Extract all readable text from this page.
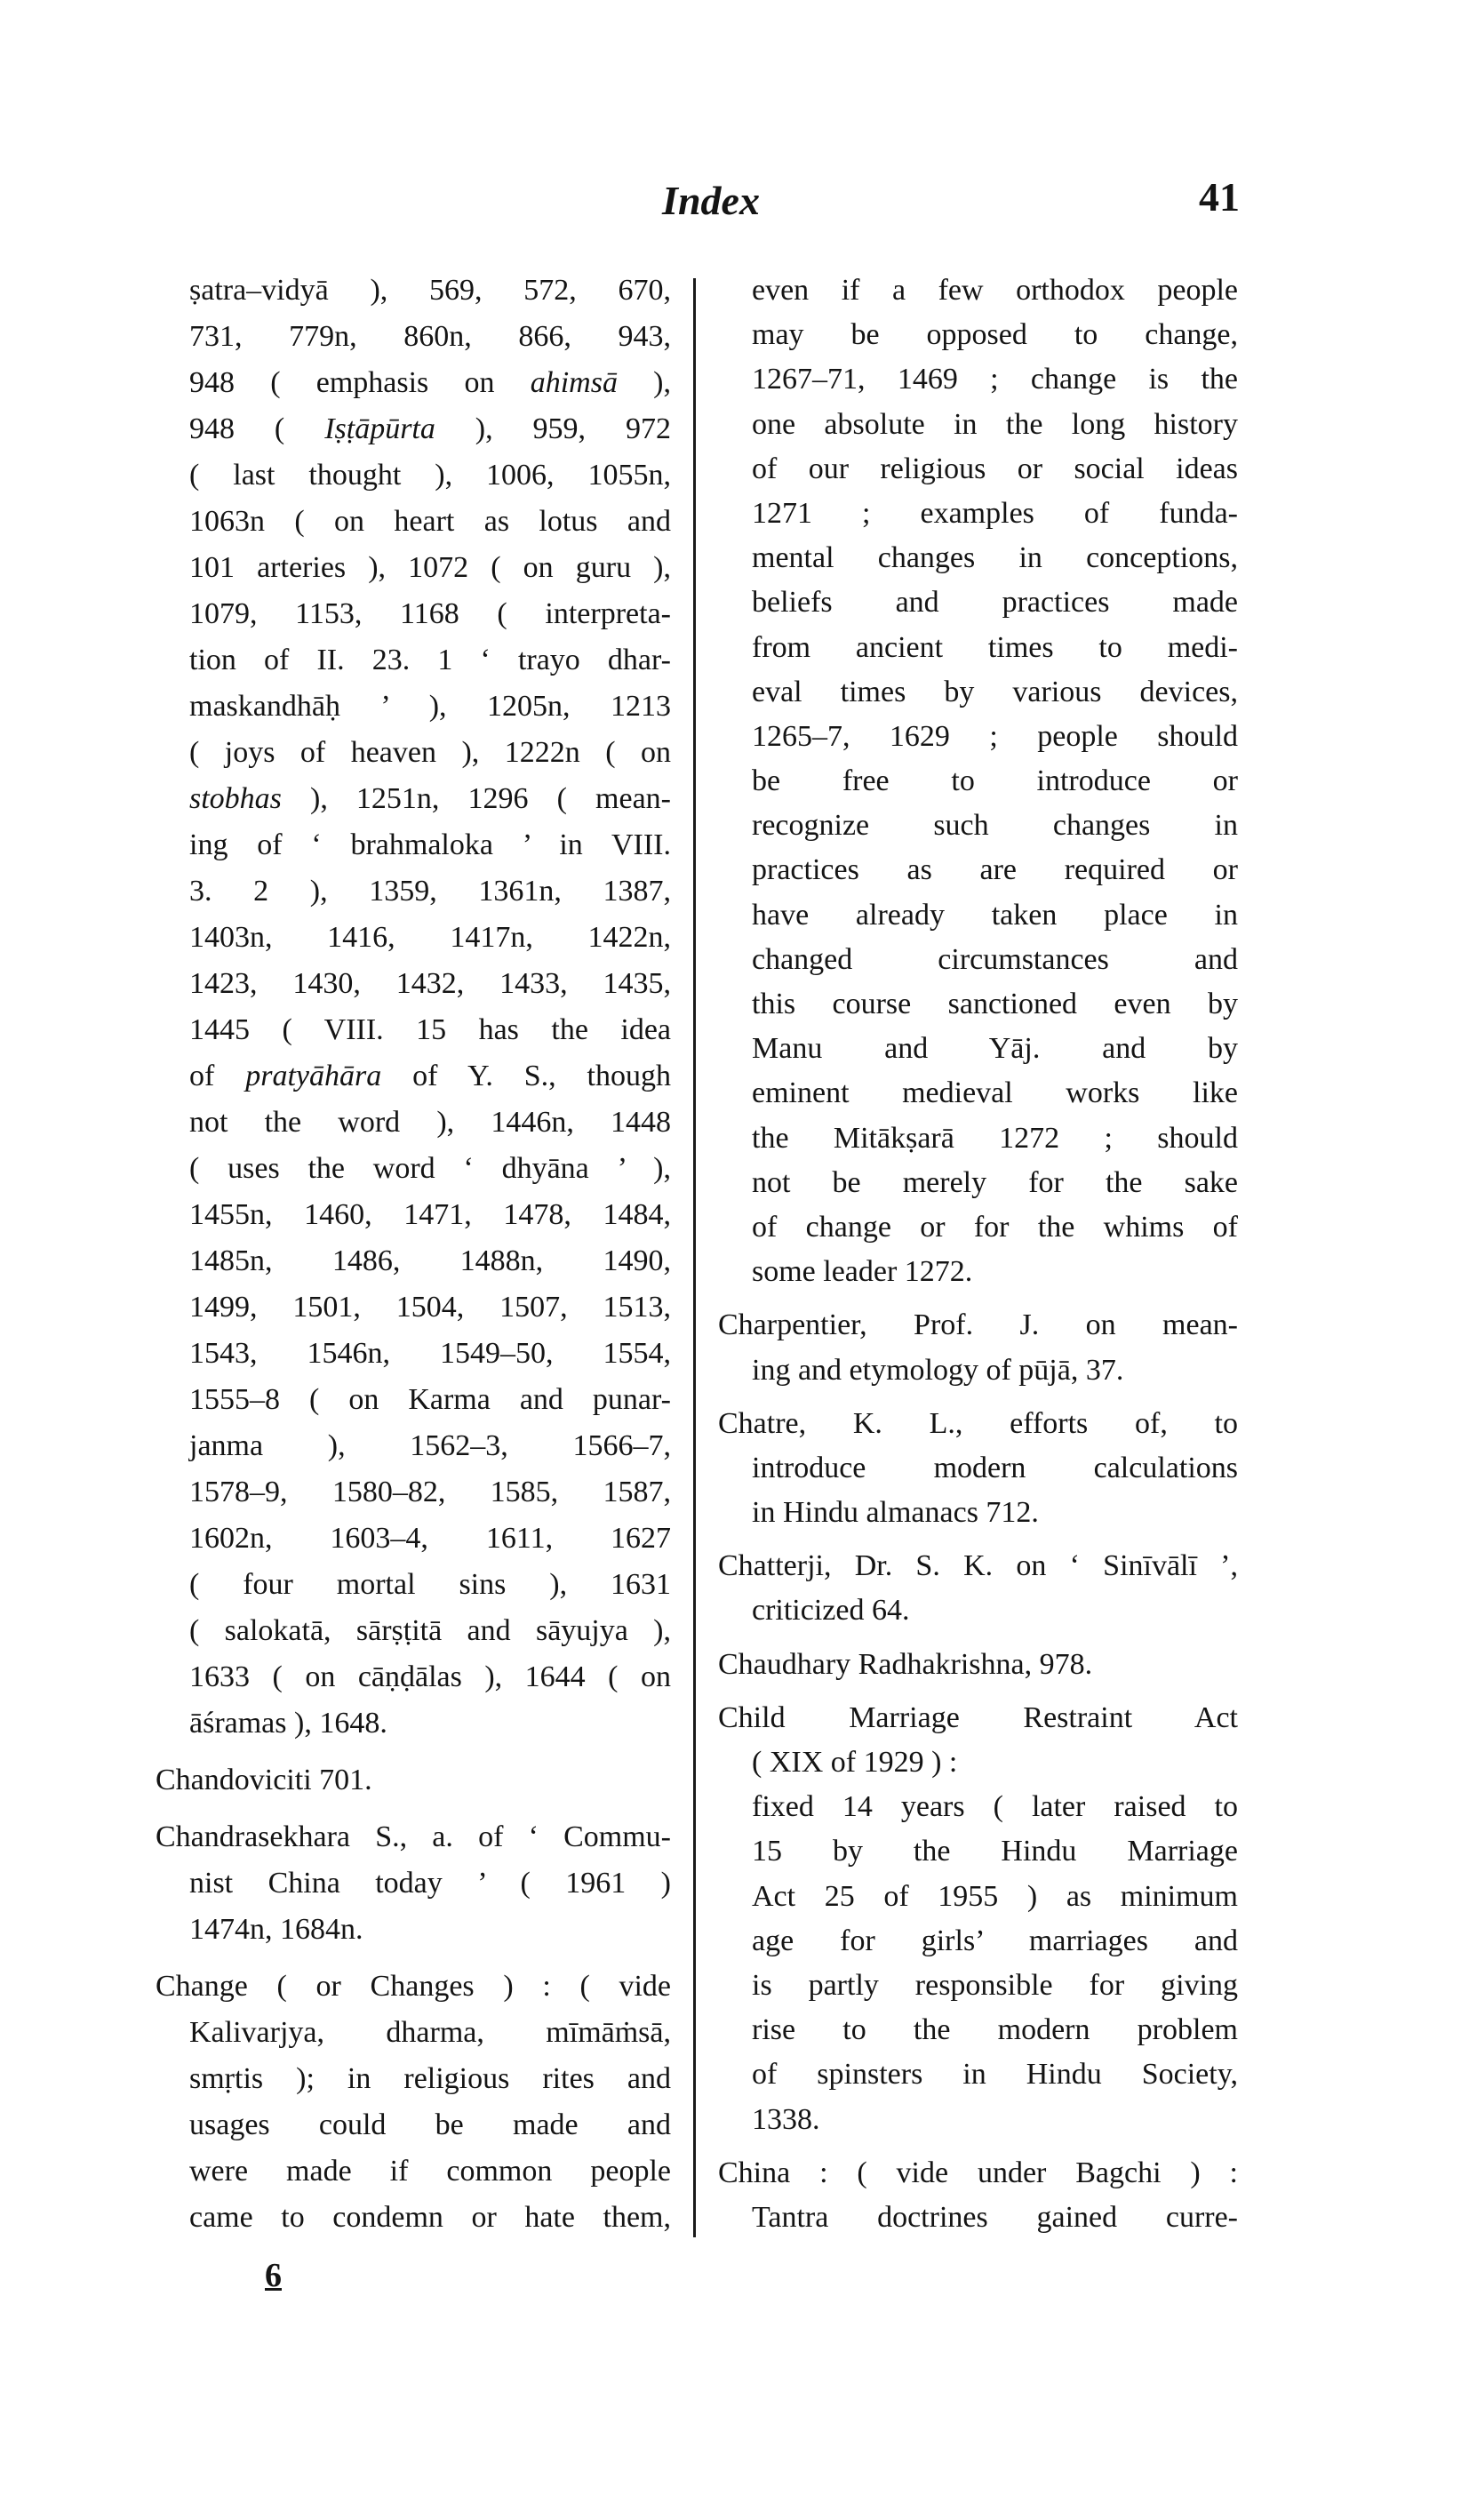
Index	41
ṣatra–vidyā ), 569, 572, 670,
731, 779n, 860n, 866, 943,
948 ( emphasis on ahimsā ),
948 ( Iṣṭāpūrta ), 959, 972
( last thought ), 1006, 1055n,
1063n ( on heart as lotus and
101 arteries ), 1072 ( on guru ),
1079, 1153, 1168 ( interpreta-
tion of II. 23. 1 ‘ trayo dhar-
maskandhāḥ ’ ), 1205n, 1213
( joys of heaven ), 1222n ( on
stobhas ), 1251n, 1296 ( mean-
ing of ‘ brahmaloka ’ in VIII.
3. 2 ), 1359, 1361n, 1387,
1403n, 1416, 1417n, 1422n,
1423, 1430, 1432, 1433, 1435,
1445 ( VIII. 15 has the idea
of pratyāhāra of Y. S., though
not the word ), 1446n, 1448
( uses the word ‘ dhyāna ’ ),
1455n, 1460, 1471, 1478, 1484,
1485n, 1486, 1488n, 1490,
1499, 1501, 1504, 1507, 1513,
1543, 1546n, 1549–50, 1554,
1555–8 ( on Karma and punar-
janma ), 1562–3, 1566–7,
1578–9, 1580–82, 1585, 1587,
1602n, 1603–4, 1611, 1627
( four mortal sins ), 1631
( salokatā, sārṣṭitā and sāyujya ),
1633 ( on cāṇḍālas ), 1644 ( on
āśramas ), 1648.
Chandoviciti 701.
Chandrasekhara S., a. of ‘ Commu-
nist China today ’ ( 1961 )
1474n, 1684n.
Change ( or Changes ) : ( vide
Kalivarjya, dharma, mīmāṁsā,
smṛtis ); in religious rites and
usages could be made and
were made if common people
came to condemn or hate them,
even if a few orthodox people
may be opposed to change,
1267–71, 1469 ; change is the
one absolute in the long history
of our religious or social ideas
1271 ; examples of funda-
mental changes in conceptions,
beliefs and practices made
from ancient times to medi-
eval times by various devices,
1265–7, 1629 ; people should
be free to introduce or
recognize such changes in
practices as are required or
have already taken place in
changed circumstances and
this course sanctioned even by
Manu and Yāj. and by
eminent medieval works like
the Mitākṣarā 1272 ; should
not be merely for the sake
of change or for the whims of
some leader 1272.
Charpentier, Prof. J. on mean-
ing and etymology of pūjā, 37.
Chatre, K. L., efforts of, to
introduce modern calculations
in Hindu almanacs 712.
Chatterji, Dr. S. K. on ‘ Sinīvālī ’,
criticized 64.
Chaudhary Radhakrishna, 978.
Child Marriage Restraint Act
( XIX of 1929 ) :
fixed 14 years ( later raised to
15 by the Hindu Marriage
Act 25 of 1955 ) as minimum
age for girls’ marriages and
is partly responsible for giving
rise to the modern problem
of spinsters in Hindu Society,
1338.
China : ( vide under Bagchi ) :
Tantra doctrines gained curre-
6
